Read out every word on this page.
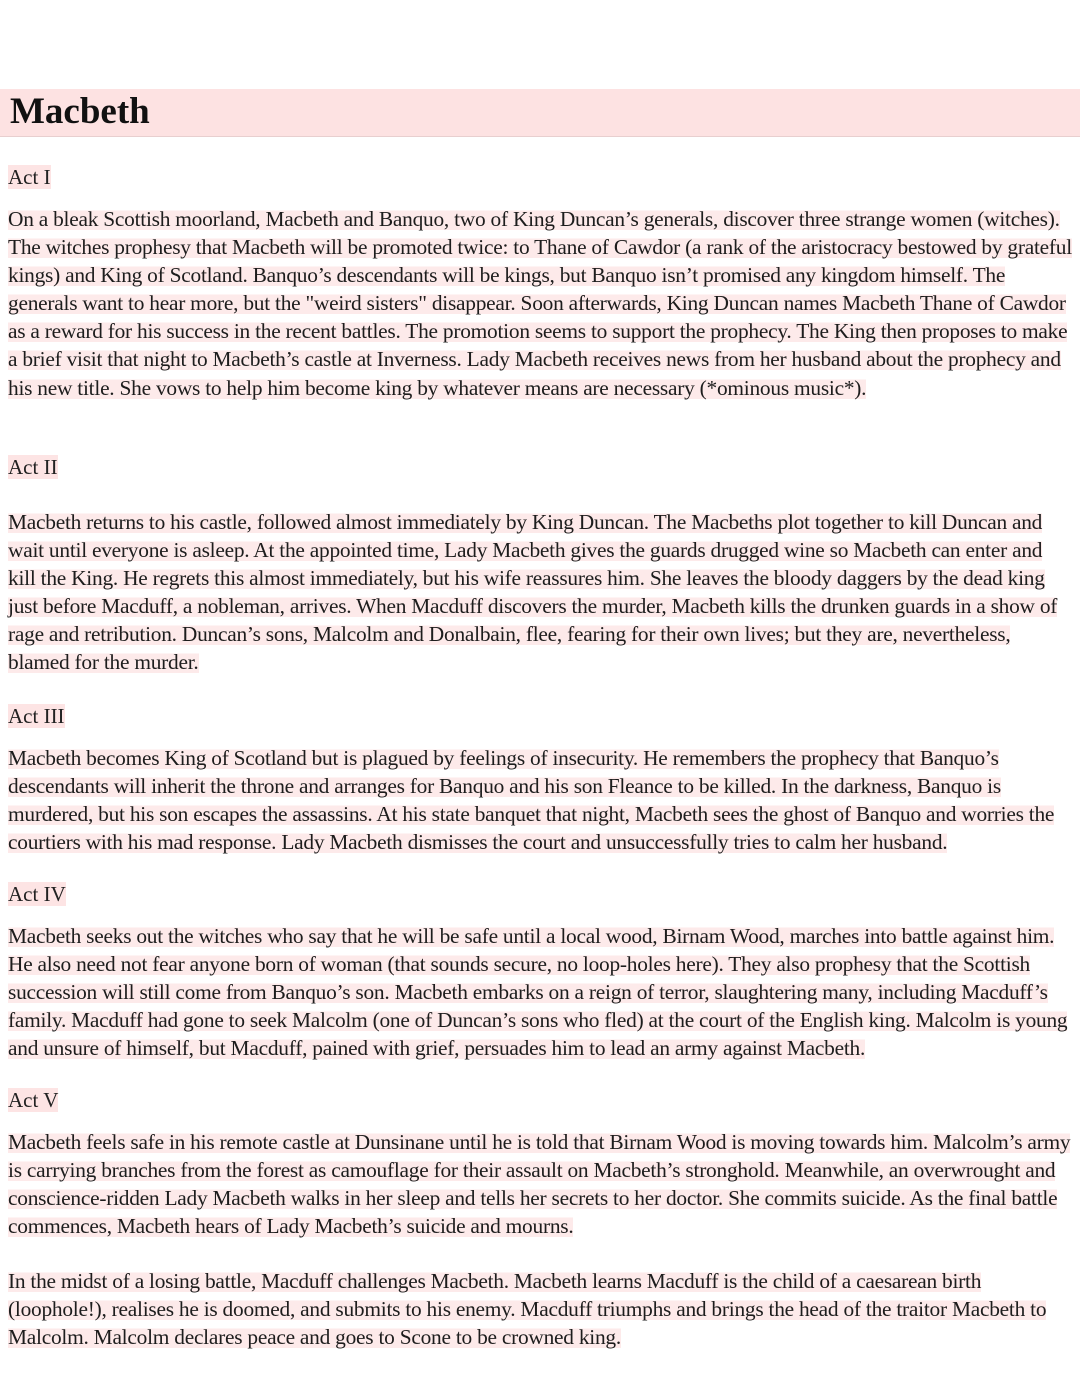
Macbeth
Act I

On a bleak Scottish moorland, Macbeth and Banquo, two of King Duncan’s generals, discover three strange women (witches). The witches prophesy that Macbeth will be promoted twice: to Thane of Cawdor (a rank of the aristocracy bestowed by grateful kings) and King of Scotland. Banquo’s descendants will be kings, but Banquo isn’t promised any kingdom himself. The generals want to hear more, but the "weird sisters" disappear. Soon afterwards, King Duncan names Macbeth Thane of Cawdor as a reward for his success in the recent battles. The promotion seems to support the prophecy. The King then proposes to make a brief visit that night to Macbeth’s castle at Inverness. Lady Macbeth receives news from her husband about the prophecy and his new title. She vows to help him become king by whatever means are necessary (*ominous music*).

Act II

Macbeth returns to his castle, followed almost immediately by King Duncan. The Macbeths plot together to kill Duncan and wait until everyone is asleep. At the appointed time, Lady Macbeth gives the guards drugged wine so Macbeth can enter and kill the King. He regrets this almost immediately, but his wife reassures him. She leaves the bloody daggers by the dead king just before Macduff, a nobleman, arrives. When Macduff discovers the murder, Macbeth kills the drunken guards in a show of rage and retribution. Duncan’s sons, Malcolm and Donalbain, flee, fearing for their own lives; but they are, nevertheless, blamed for the murder.

Act III

Macbeth becomes King of Scotland but is plagued by feelings of insecurity. He remembers the prophecy that Banquo’s descendants will inherit the throne and arranges for Banquo and his son Fleance to be killed. In the darkness, Banquo is murdered, but his son escapes the assassins. At his state banquet that night, Macbeth sees the ghost of Banquo and worries the courtiers with his mad response. Lady Macbeth dismisses the court and unsuccessfully tries to calm her husband.

Act IV

Macbeth seeks out the witches who say that he will be safe until a local wood, Birnam Wood, marches into battle against him. He also need not fear anyone born of woman (that sounds secure, no loop-holes here). They also prophesy that the Scottish succession will still come from Banquo’s son. Macbeth embarks on a reign of terror, slaughtering many, including Macduff’s family. Macduff had gone to seek Malcolm (one of Duncan’s sons who fled) at the court of the English king. Malcolm is young and unsure of himself, but Macduff, pained with grief, persuades him to lead an army against Macbeth.

Act V

Macbeth feels safe in his remote castle at Dunsinane until he is told that Birnam Wood is moving towards him. Malcolm’s army is carrying branches from the forest as camouflage for their assault on Macbeth’s stronghold. Meanwhile, an overwrought and conscience-ridden Lady Macbeth walks in her sleep and tells her secrets to her doctor. She commits suicide. As the final battle commences, Macbeth hears of Lady Macbeth’s suicide and mourns.

In the midst of a losing battle, Macduff challenges Macbeth. Macbeth learns Macduff is the child of a caesarean birth (loophole!), realises he is doomed, and submits to his enemy. Macduff triumphs and brings the head of the traitor Macbeth to Malcolm. Malcolm declares peace and goes to Scone to be crowned king.
